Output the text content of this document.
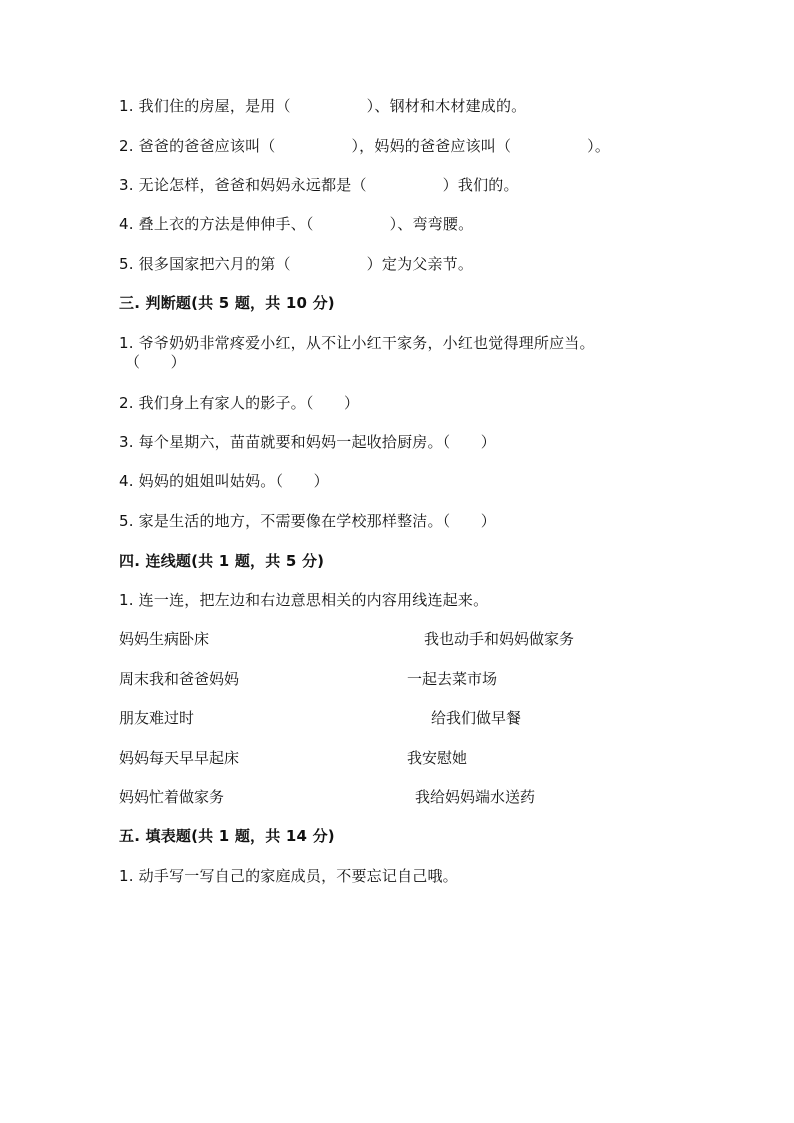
1. 我们住的房屋，是用（　　　　　）、钢材和木材建成的。
2. 爸爸的爸爸应该叫（　　　　　），妈妈的爸爸应该叫（　　　　　）。
3. 无论怎样，爸爸和妈妈永远都是（　　　　　）我们的。
4. 叠上衣的方法是伸伸手、（　　　　　）、弯弯腰。
5. 很多国家把六月的第（　　　　　）定为父亲节。
三. 判断题(共 5 题，共 10 分)
1. 爷爷奶奶非常疼爱小红，从不让小红干家务，小红也觉得理所应当。
（　　）
2. 我们身上有家人的影子。（　　）
3. 每个星期六，苗苗就要和妈妈一起收拾厨房。（　　）
4. 妈妈的姐姐叫姑妈。（　　）
5. 家是生活的地方，不需要像在学校那样整洁。（　　）
四. 连线题(共 1 题，共 5 分)
1. 连一连，把左边和右边意思相关的内容用线连起来。
妈妈生病卧床	我也动手和妈妈做家务
周末我和爸爸妈妈	一起去菜市场
朋友难过时	给我们做早餐
妈妈每天早早起床	我安慰她
妈妈忙着做家务	我给妈妈端水送药
五. 填表题(共 1 题，共 14 分)
1. 动手写一写自己的家庭成员，不要忘记自己哦。
